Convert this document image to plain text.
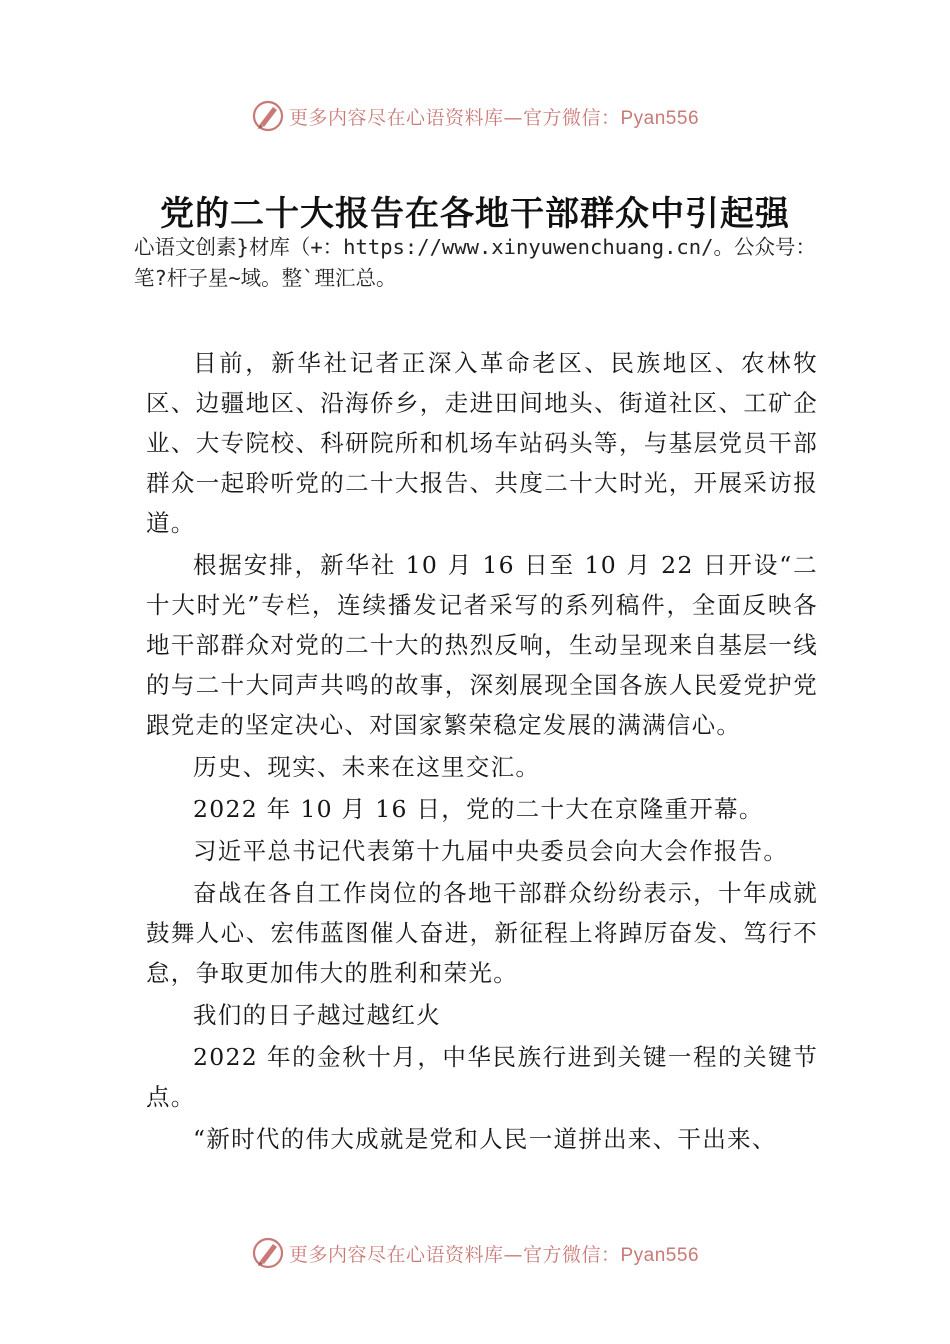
更多内容尽在心语资料库—官方微信：Pyan556
党的二十大报告在各地干部群众中引起强

心语文创素}材库（+：https://www.xinyuwenchuang.cn/。公众号：笔?杆子星~域。整`理汇总。

目前，新华社记者正深入革命老区、民族地区、农林牧区、边疆地区、沿海侨乡，走进田间地头、街道社区、工矿企业、大专院校、科研院所和机场车站码头等，与基层党员干部群众一起聆听党的二十大报告、共度二十大时光，开展采访报道。

根据安排，新华社 10 月 16 日至 10 月 22 日开设“二十大时光”专栏，连续播发记者采写的系列稿件，全面反映各地干部群众对党的二十大的热烈反响，生动呈现来自基层一线的与二十大同声共鸣的故事，深刻展现全国各族人民爱党护党跟党走的坚定决心、对国家繁荣稳定发展的满满信心。

历史、现实、未来在这里交汇。

2022 年 10 月 16 日，党的二十大在京隆重开幕。

习近平总书记代表第十九届中央委员会向大会作报告。

奋战在各自工作岗位的各地干部群众纷纷表示，十年成就鼓舞人心、宏伟蓝图催人奋进，新征程上将踔厉奋发、笃行不怠，争取更加伟大的胜利和荣光。

我们的日子越过越红火

2022 年的金秋十月，中华民族行进到关键一程的关键节点。

“新时代的伟大成就是党和人民一道拼出来、干出来、

更多内容尽在心语资料库—官方微信：Pyan556
